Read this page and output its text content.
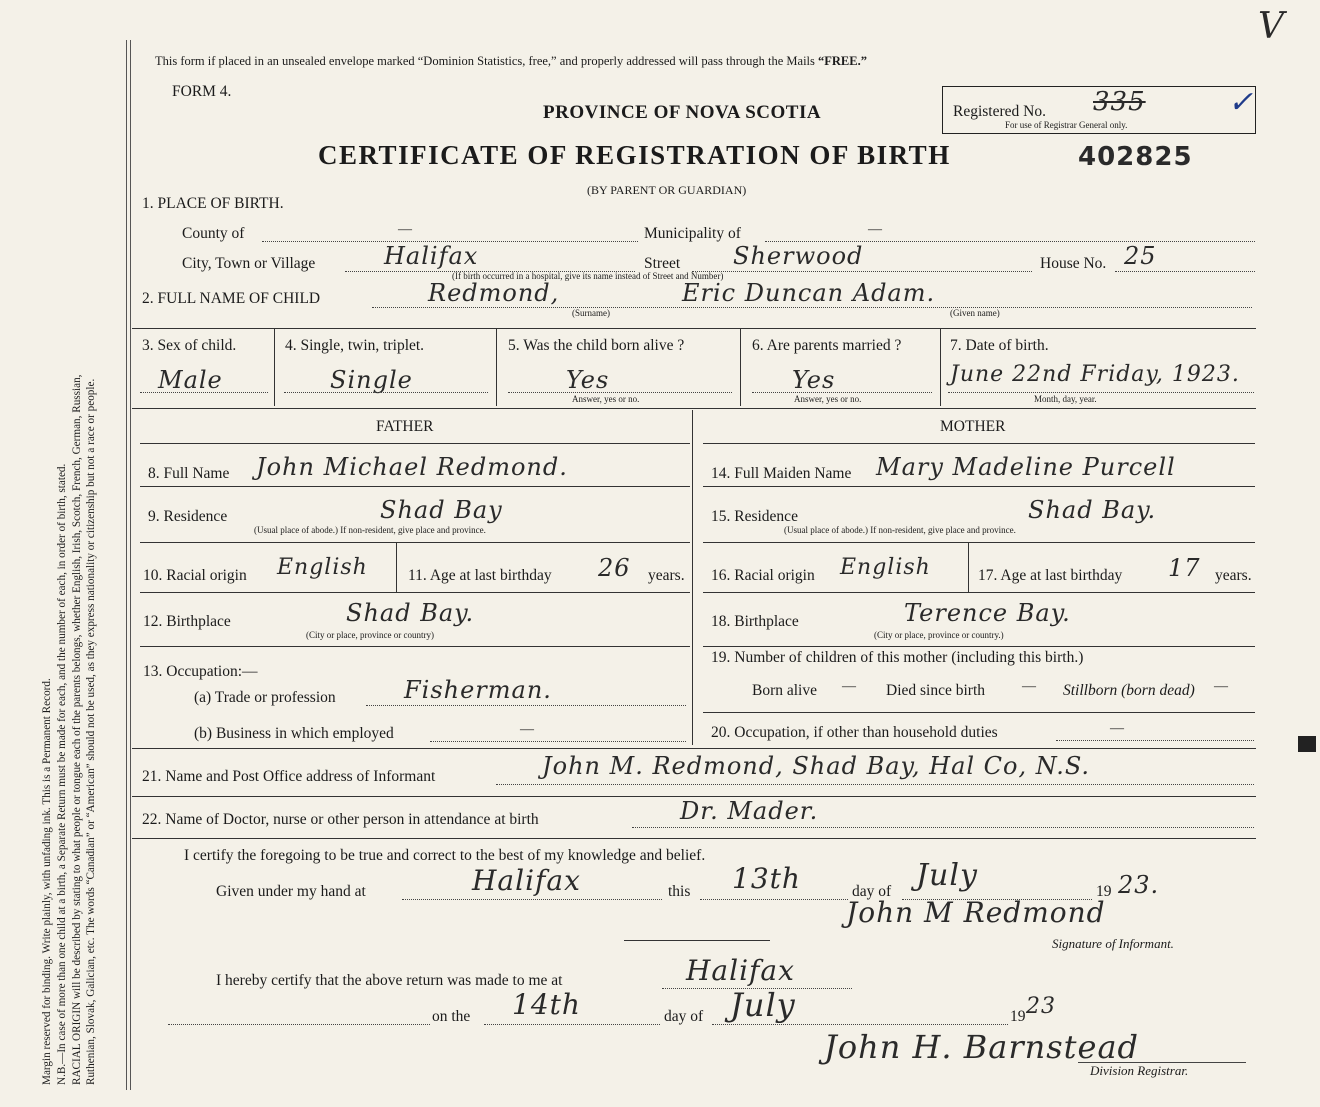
Margin reserved for binding. Write plainly, with unfading ink. This is a Permanent Record. N.B.—In case of more than one child at a birth, a Separate Return must be made for each, and the number of each, in order of birth, stated. RACIAL ORIGIN will be described by stating to what people or tongue each of the parents belongs, whether English, Irish, Scotch, French, German, Russian, Ruthenian, Slovak, Galician, etc. The words “Canadian” or “American” should not be used, as they express nationality or citizenship but not a race or people.
This form if placed in an unsealed envelope marked “Dominion Statistics, free,” and properly addressed will pass through the Mails “FREE.”
V
FORM 4.
PROVINCE OF NOVA SCOTIA	Registered No. 335	✓
For use of Registrar General only.
CERTIFICATE OF REGISTRATION OF BIRTH	402825
(BY PARENT OR GUARDIAN)
1. PLACE OF BIRTH.
County of	—	Municipality of	—
City, Town or Village	Halifax	Street Sherwood	House No. 25
(If birth occurred in a hospital, give its name instead of Street and Number)
2. FULL NAME OF CHILD	Redmond,	Eric Duncan Adam.
(Surname)	(Given name)
3. Sex of child.
Male
4. Single, twin, triplet.
Single
5. Was the child born alive ?
Yes
Answer, yes or no.
6. Are parents married ?
Yes
Answer, yes or no.
7. Date of birth.
June 22nd Friday, 1923.
Month, day, year.
FATHER
8. Full Name John Michael Redmond.
9. Residence	Shad Bay
(Usual place of abode.) If non-resident, give place and province.
10. Racial origin English	11. Age at last birthday 26 years.
12. Birthplace	Shad Bay.
(City or place, province or country)
13. Occupation:—
(a) Trade or profession	Fisherman.
(b) Business in which employed	—
MOTHER
14. Full Maiden Name Mary Madeline Purcell
15. Residence	Shad Bay.
(Usual place of abode.) If non-resident, give place and province.
16. Racial origin English	17. Age at last birthday 17 years.
18. Birthplace	Terence Bay.
(City or place, province or country.)
19. Number of children of this mother (including this birth.)
Born alive — Died since birth	— Stillborn (born dead) —
20. Occupation, if other than household duties	—
21. Name and Post Office address of Informant	John M. Redmond, Shad Bay, Hal Co, N.S.
22. Name of Doctor, nurse or other person in attendance at birth	Dr. Mader.
I certify the foregoing to be true and correct to the best of my knowledge and belief.
Given under my hand at	Halifax	this 13th	day of July	19 23.
John M Redmond
Signature of Informant.
I hereby certify that the above return was made to me at	Halifax
on the 14th	day of July	19 23
John H. Barnstead
Division Registrar.
